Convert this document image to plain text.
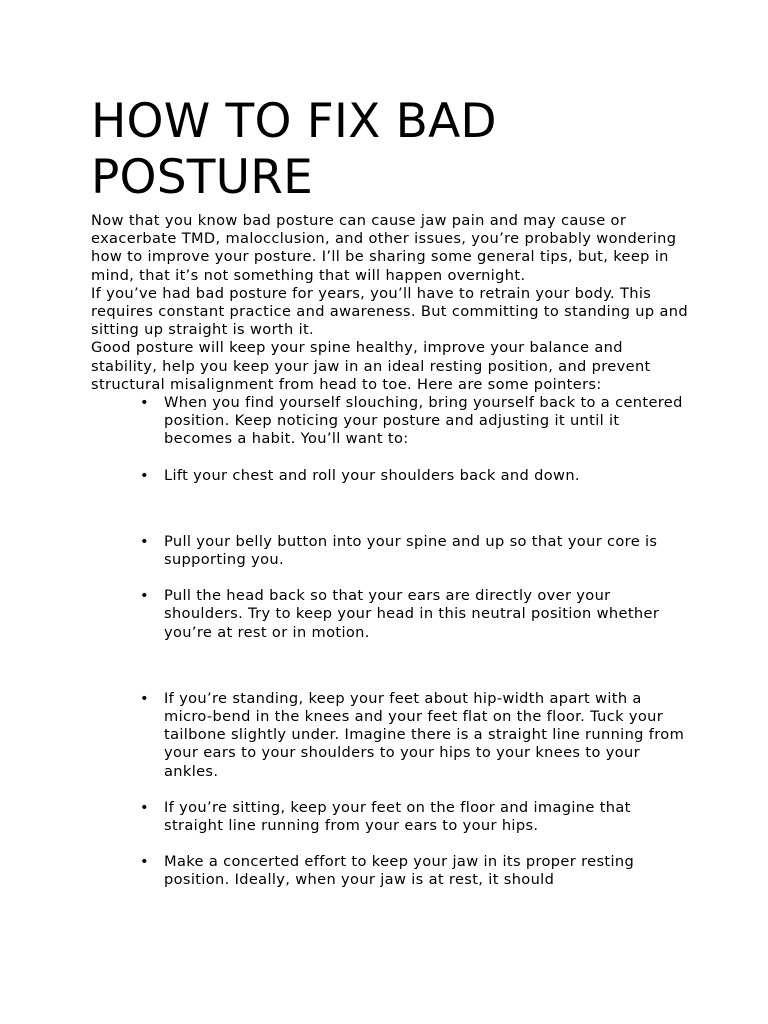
HOW TO FIX BAD POSTURE

Now that you know bad posture can cause jaw pain and may cause or exacerbate TMD, malocclusion, and other issues, you’re probably wondering how to improve your posture. I’ll be sharing some general tips, but, keep in mind, that it’s not something that will happen overnight.

If you’ve had bad posture for years, you’ll have to retrain your body. This requires constant practice and awareness. But committing to standing up and sitting up straight is worth it.

Good posture will keep your spine healthy, improve your balance and stability, help you keep your jaw in an ideal resting position, and prevent structural misalignment from head to toe. Here are some pointers:

• When you find yourself slouching, bring yourself back to a centered position. Keep noticing your posture and adjusting it until it becomes a habit. You’ll want to:
• Lift your chest and roll your shoulders back and down.
• Pull your belly button into your spine and up so that your core is supporting you.
• Pull the head back so that your ears are directly over your shoulders. Try to keep your head in this neutral position whether you’re at rest or in motion.
• If you’re standing, keep your feet about hip-width apart with a micro-bend in the knees and your feet flat on the floor. Tuck your tailbone slightly under. Imagine there is a straight line running from your ears to your shoulders to your hips to your knees to your ankles.
• If you’re sitting, keep your feet on the floor and imagine that straight line running from your ears to your hips.
• Make a concerted effort to keep your jaw in its proper resting position. Ideally, when your jaw is at rest, it should
